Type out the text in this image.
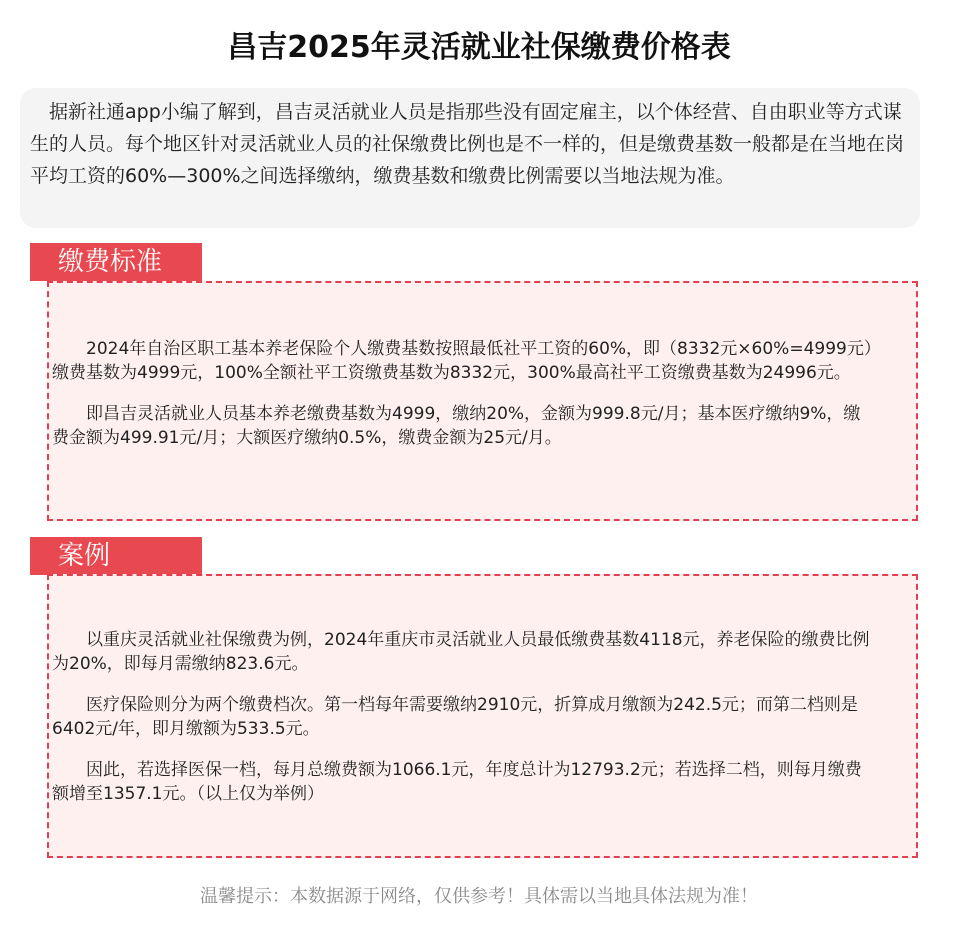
昌吉2025年灵活就业社保缴费价格表
据新社通app小编了解到，昌吉灵活就业人员是指那些没有固定雇主，以个体经营、自由职业等方式谋生的人员。每个地区针对灵活就业人员的社保缴费比例也是不一样的，但是缴费基数一般都是在当地在岗平均工资的60%—300%之间选择缴纳，缴费基数和缴费比例需要以当地法规为准。
缴费标准

2024年自治区职工基本养老保险个人缴费基数按照最低社平工资的60%，即（8332元×60%=4999元）缴费基数为4999元，100%全额社平工资缴费基数为8332元，300%最高社平工资缴费基数为24996元。

即昌吉灵活就业人员基本养老缴费基数为4999，缴纳20%，金额为999.8元/月；基本医疗缴纳9%，缴费金额为499.91元/月；大额医疗缴纳0.5%，缴费金额为25元/月。

案例

以重庆灵活就业社保缴费为例，2024年重庆市灵活就业人员最低缴费基数4118元，养老保险的缴费比例为20%，即每月需缴纳823.6元。

医疗保险则分为两个缴费档次。第一档每年需要缴纳2910元，折算成月缴额为242.5元；而第二档则是6402元/年，即月缴额为533.5元。

因此，若选择医保一档，每月总缴费额为1066.1元，年度总计为12793.2元；若选择二档，则每月缴费额增至1357.1元。（以上仅为举例）

温馨提示：本数据源于网络，仅供参考！具体需以当地具体法规为准！
